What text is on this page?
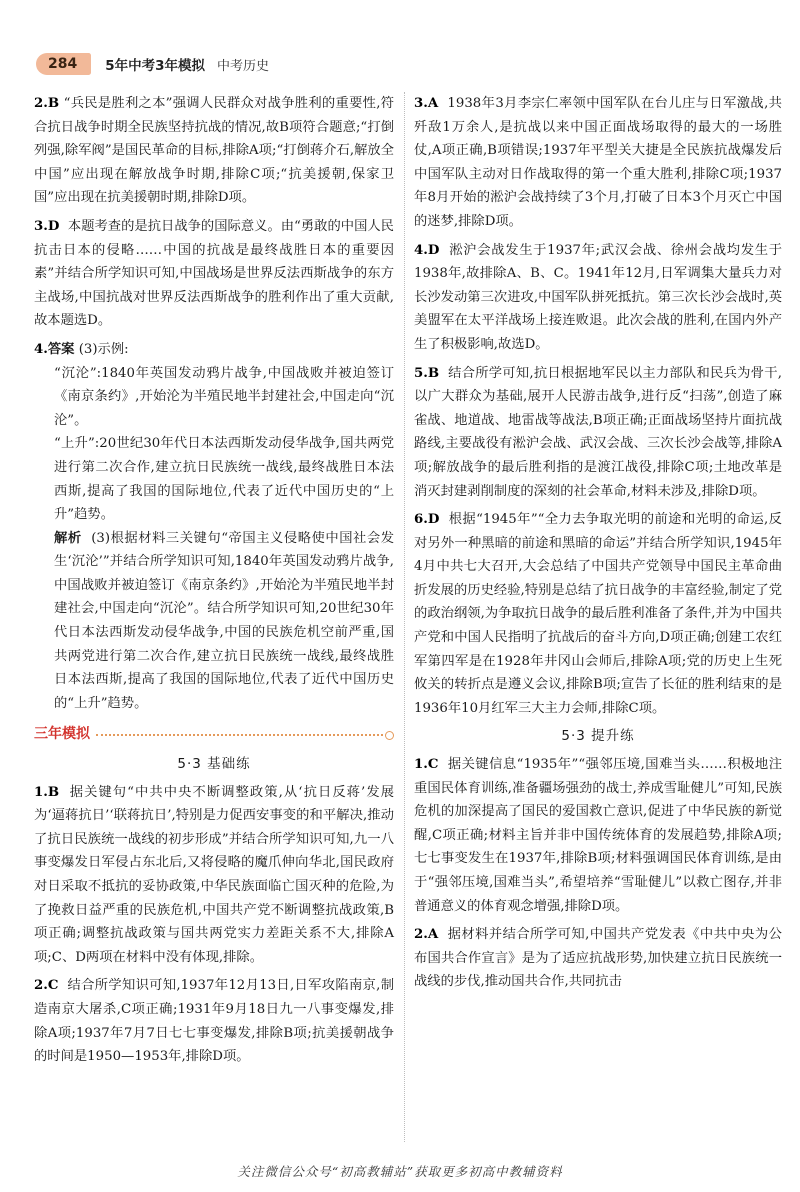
284	5年中考3年模拟 中考历史

2.B “兵民是胜利之本”强调人民群众对战争胜利的重要性,符合抗日战争时期全民族坚持抗战的情况,故B项符合题意;“打倒列强,除军阀”是国民革命的目标,排除A项;“打倒蒋介石,解放全中国”应出现在解放战争时期,排除C项;“抗美援朝,保家卫国”应出现在抗美援朝时期,排除D项。

3.D 本题考查的是抗日战争的国际意义。由“勇敢的中国人民抗击日本的侵略……中国的抗战是最终战胜日本的重要因素”并结合所学知识可知,中国战场是世界反法西斯战争的东方主战场,中国抗战对世界反法西斯战争的胜利作出了重大贡献,故本题选D。

4.答案 (3)示例:

“沉沦”:1840年英国发动鸦片战争,中国战败并被迫签订《南京条约》,开始沦为半殖民地半封建社会,中国走向“沉沦”。

“上升”:20世纪30年代日本法西斯发动侵华战争,国共两党进行第二次合作,建立抗日民族统一战线,最终战胜日本法西斯,提高了我国的国际地位,代表了近代中国历史的“上升”趋势。

解析 (3)根据材料三关键句“帝国主义侵略使中国社会发生‘沉沦’”并结合所学知识可知,1840年英国发动鸦片战争,中国战败并被迫签订《南京条约》,开始沦为半殖民地半封建社会,中国走向“沉沦”。结合所学知识可知,20世纪30年代日本法西斯发动侵华战争,中国的民族危机空前严重,国共两党进行第二次合作,建立抗日民族统一战线,最终战胜日本法西斯,提高了我国的国际地位,代表了近代中国历史的“上升”趋势。

三年模拟
5·3 基础练

1.B 据关键句“中共中央不断调整政策,从‘抗日反蒋’发展为‘逼蒋抗日’‘联蒋抗日’,特别是力促西安事变的和平解决,推动了抗日民族统一战线的初步形成”并结合所学知识可知,九一八事变爆发日军侵占东北后,又将侵略的魔爪伸向华北,国民政府对日采取不抵抗的妥协政策,中华民族面临亡国灭种的危险,为了挽救日益严重的民族危机,中国共产党不断调整抗战政策,B项正确;调整抗战政策与国共两党实力差距关系不大,排除A项;C、D两项在材料中没有体现,排除。

2.C 结合所学知识可知,1937年12月13日,日军攻陷南京,制造南京大屠杀,C项正确;1931年9月18日九一八事变爆发,排除A项;1937年7月7日七七事变爆发,排除B项;抗美援朝战争的时间是1950—1953年,排除D项。

3.A 1938年3月李宗仁率领中国军队在台儿庄与日军激战,共歼敌1万余人,是抗战以来中国正面战场取得的最大的一场胜仗,A项正确,B项错误;1937年平型关大捷是全民族抗战爆发后中国军队主动对日作战取得的第一个重大胜利,排除C项;1937年8月开始的淞沪会战持续了3个月,打破了日本3个月灭亡中国的迷梦,排除D项。

4.D 淞沪会战发生于1937年;武汉会战、徐州会战均发生于1938年,故排除A、B、C。1941年12月,日军调集大量兵力对长沙发动第三次进攻,中国军队拼死抵抗。第三次长沙会战时,英美盟军在太平洋战场上接连败退。此次会战的胜利,在国内外产生了积极影响,故选D。

5.B 结合所学可知,抗日根据地军民以主力部队和民兵为骨干,以广大群众为基础,展开人民游击战争,进行反“扫荡”,创造了麻雀战、地道战、地雷战等战法,B项正确;正面战场坚持片面抗战路线,主要战役有淞沪会战、武汉会战、三次长沙会战等,排除A项;解放战争的最后胜利指的是渡江战役,排除C项;土地改革是消灭封建剥削制度的深刻的社会革命,材料未涉及,排除D项。

6.D 根据“1945年”“全力去争取光明的前途和光明的命运,反对另外一种黑暗的前途和黑暗的命运”并结合所学知识,1945年4月中共七大召开,大会总结了中国共产党领导中国民主革命曲折发展的历史经验,特别是总结了抗日战争的丰富经验,制定了党的政治纲领,为争取抗日战争的最后胜利准备了条件,并为中国共产党和中国人民指明了抗战后的奋斗方向,D项正确;创建工农红军第四军是在1928年井冈山会师后,排除A项;党的历史上生死攸关的转折点是遵义会议,排除B项;宣告了长征的胜利结束的是1936年10月红军三大主力会师,排除C项。

5·3 提升练

1.C 据关键信息“1935年”“强邻压境,国难当头……积极地注重国民体育训练,准备疆场强劲的战士,养成雪耻健儿”可知,民族危机的加深提高了国民的爱国救亡意识,促进了中华民族的新觉醒,C项正确;材料主旨并非中国传统体育的发展趋势,排除A项;七七事变发生在1937年,排除B项;材料强调国民体育训练,是由于“强邻压境,国难当头”,希望培养“雪耻健儿”以救亡图存,并非普通意义的体育观念增强,排除D项。

2.A 据材料并结合所学可知,中国共产党发表《中共中央为公布国共合作宣言》是为了适应抗战形势,加快建立抗日民族统一战线的步伐,推动国共合作,共同抗击

关注微信公众号“初高教辅站”获取更多初高中教辅资料
